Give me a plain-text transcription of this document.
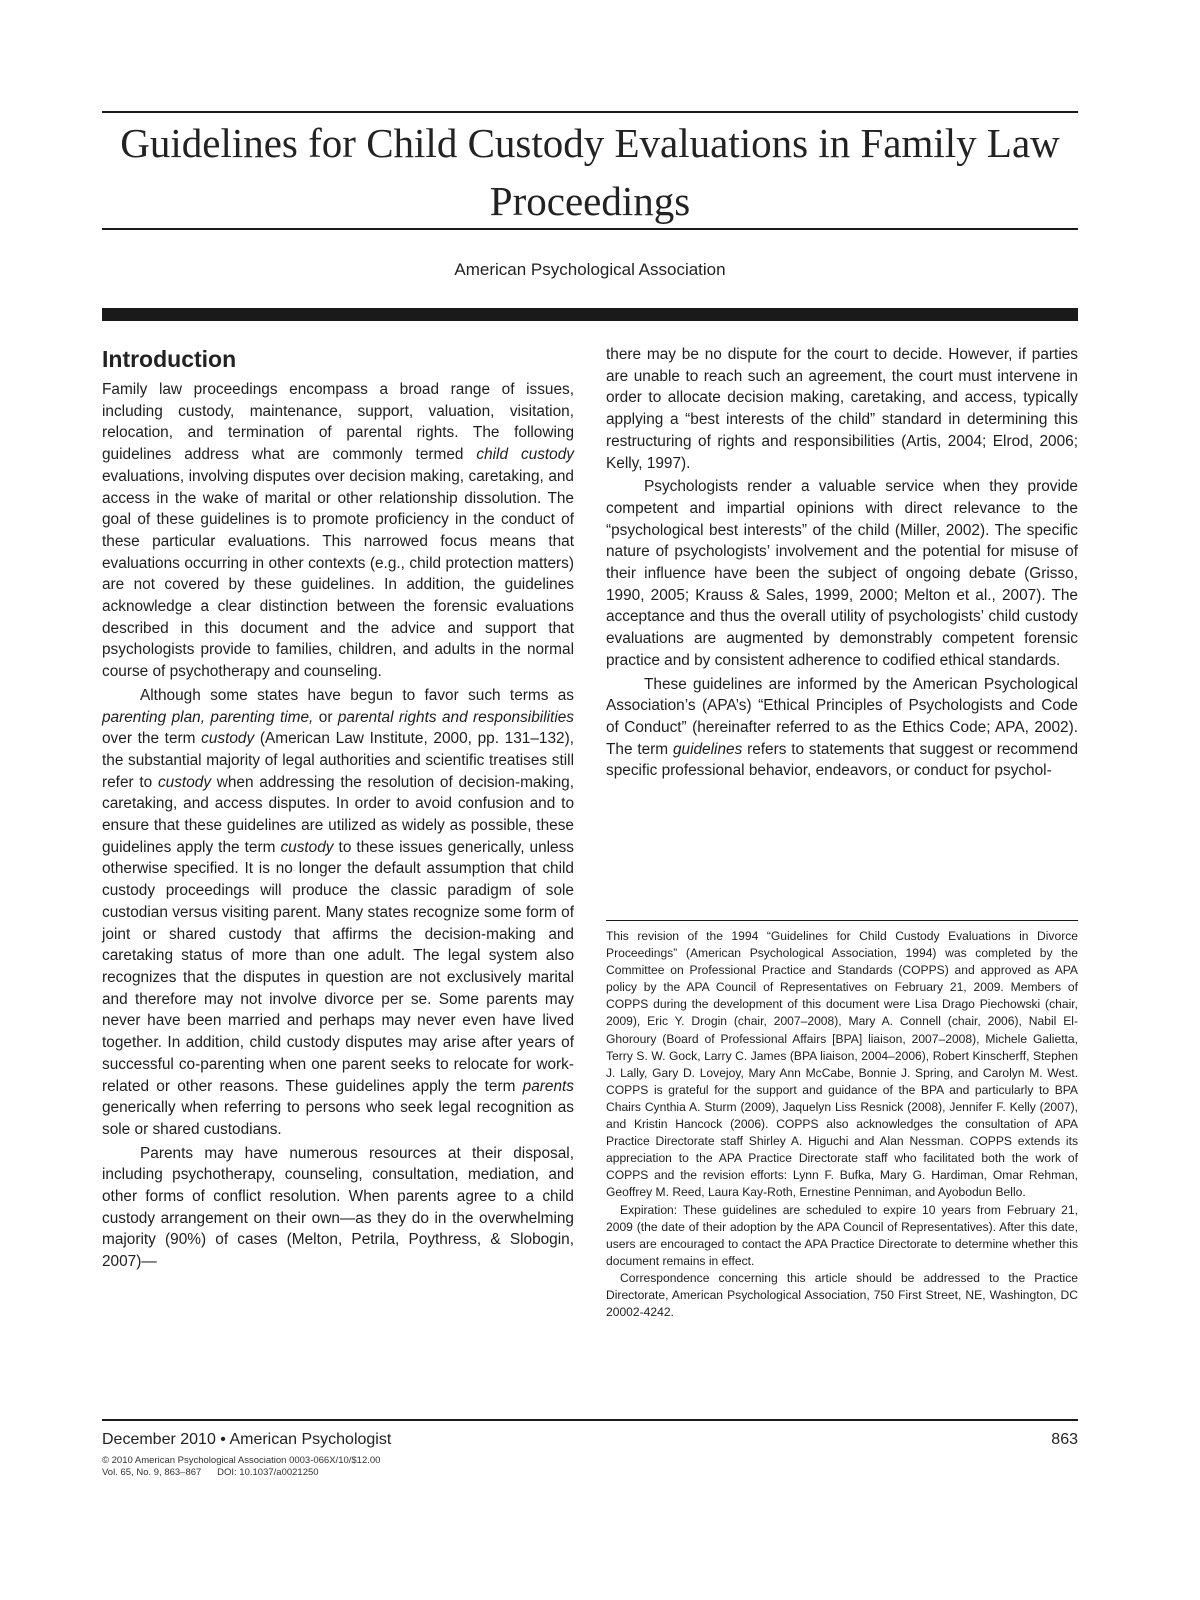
Guidelines for Child Custody Evaluations in Family Law Proceedings
American Psychological Association
Introduction

Family law proceedings encompass a broad range of issues, including custody, maintenance, support, valuation, visitation, relocation, and termination of parental rights. The following guidelines address what are commonly termed child custody evaluations, involving disputes over decision making, caretaking, and access in the wake of marital or other relationship dissolution. The goal of these guidelines is to promote proficiency in the conduct of these particular evaluations. This narrowed focus means that evaluations occurring in other contexts (e.g., child protection matters) are not covered by these guidelines. In addition, the guidelines acknowledge a clear distinction between the forensic evaluations described in this document and the advice and support that psychologists provide to families, children, and adults in the normal course of psychotherapy and counseling.

Although some states have begun to favor such terms as parenting plan, parenting time, or parental rights and responsibilities over the term custody (American Law Institute, 2000, pp. 131–132), the substantial majority of legal authorities and scientific treatises still refer to custody when addressing the resolution of decision-making, caretaking, and access disputes. In order to avoid confusion and to ensure that these guidelines are utilized as widely as possible, these guidelines apply the term custody to these issues generically, unless otherwise specified. It is no longer the default assumption that child custody proceedings will produce the classic paradigm of sole custodian versus visiting parent. Many states recognize some form of joint or shared custody that affirms the decision-making and caretaking status of more than one adult. The legal system also recognizes that the disputes in question are not exclusively marital and therefore may not involve divorce per se. Some parents may never have been married and perhaps may never even have lived together. In addition, child custody disputes may arise after years of successful co-parenting when one parent seeks to relocate for work-related or other reasons. These guidelines apply the term parents generically when referring to persons who seek legal recognition as sole or shared custodians.

Parents may have numerous resources at their disposal, including psychotherapy, counseling, consultation, mediation, and other forms of conflict resolution. When parents agree to a child custody arrangement on their own—as they do in the overwhelming majority (90%) of cases (Melton, Petrila, Poythress, & Slobogin, 2007)—

there may be no dispute for the court to decide. However, if parties are unable to reach such an agreement, the court must intervene in order to allocate decision making, caretaking, and access, typically applying a “best interests of the child” standard in determining this restructuring of rights and responsibilities (Artis, 2004; Elrod, 2006; Kelly, 1997).

Psychologists render a valuable service when they provide competent and impartial opinions with direct relevance to the “psychological best interests” of the child (Miller, 2002). The specific nature of psychologists’ involvement and the potential for misuse of their influence have been the subject of ongoing debate (Grisso, 1990, 2005; Krauss & Sales, 1999, 2000; Melton et al., 2007). The acceptance and thus the overall utility of psychologists’ child custody evaluations are augmented by demonstrably competent forensic practice and by consistent adherence to codified ethical standards.

These guidelines are informed by the American Psychological Association’s (APA’s) “Ethical Principles of Psychologists and Code of Conduct” (hereinafter referred to as the Ethics Code; APA, 2002). The term guidelines refers to statements that suggest or recommend specific professional behavior, endeavors, or conduct for psychol-

This revision of the 1994 “Guidelines for Child Custody Evaluations in Divorce Proceedings” (American Psychological Association, 1994) was completed by the Committee on Professional Practice and Standards (COPPS) and approved as APA policy by the APA Council of Representatives on February 21, 2009. Members of COPPS during the development of this document were Lisa Drago Piechowski (chair, 2009), Eric Y. Drogin (chair, 2007–2008), Mary A. Connell (chair, 2006), Nabil El-Ghoroury (Board of Professional Affairs [BPA] liaison, 2007–2008), Michele Galietta, Terry S. W. Gock, Larry C. James (BPA liaison, 2004–2006), Robert Kinscherff, Stephen J. Lally, Gary D. Lovejoy, Mary Ann McCabe, Bonnie J. Spring, and Carolyn M. West. COPPS is grateful for the support and guidance of the BPA and particularly to BPA Chairs Cynthia A. Sturm (2009), Jaquelyn Liss Resnick (2008), Jennifer F. Kelly (2007), and Kristin Hancock (2006). COPPS also acknowledges the consultation of APA Practice Directorate staff Shirley A. Higuchi and Alan Nessman. COPPS extends its appreciation to the APA Practice Directorate staff who facilitated both the work of COPPS and the revision efforts: Lynn F. Bufka, Mary G. Hardiman, Omar Rehman, Geoffrey M. Reed, Laura Kay-Roth, Ernestine Penniman, and Ayobodun Bello.

Expiration: These guidelines are scheduled to expire 10 years from February 21, 2009 (the date of their adoption by the APA Council of Representatives). After this date, users are encouraged to contact the APA Practice Directorate to determine whether this document remains in effect.

Correspondence concerning this article should be addressed to the Practice Directorate, American Psychological Association, 750 First Street, NE, Washington, DC 20002-4242.

December 2010 • American Psychologist	863
© 2010 American Psychological Association 0003-066X/10/$12.00
Vol. 65, No. 9, 863–867      DOI: 10.1037/a0021250
